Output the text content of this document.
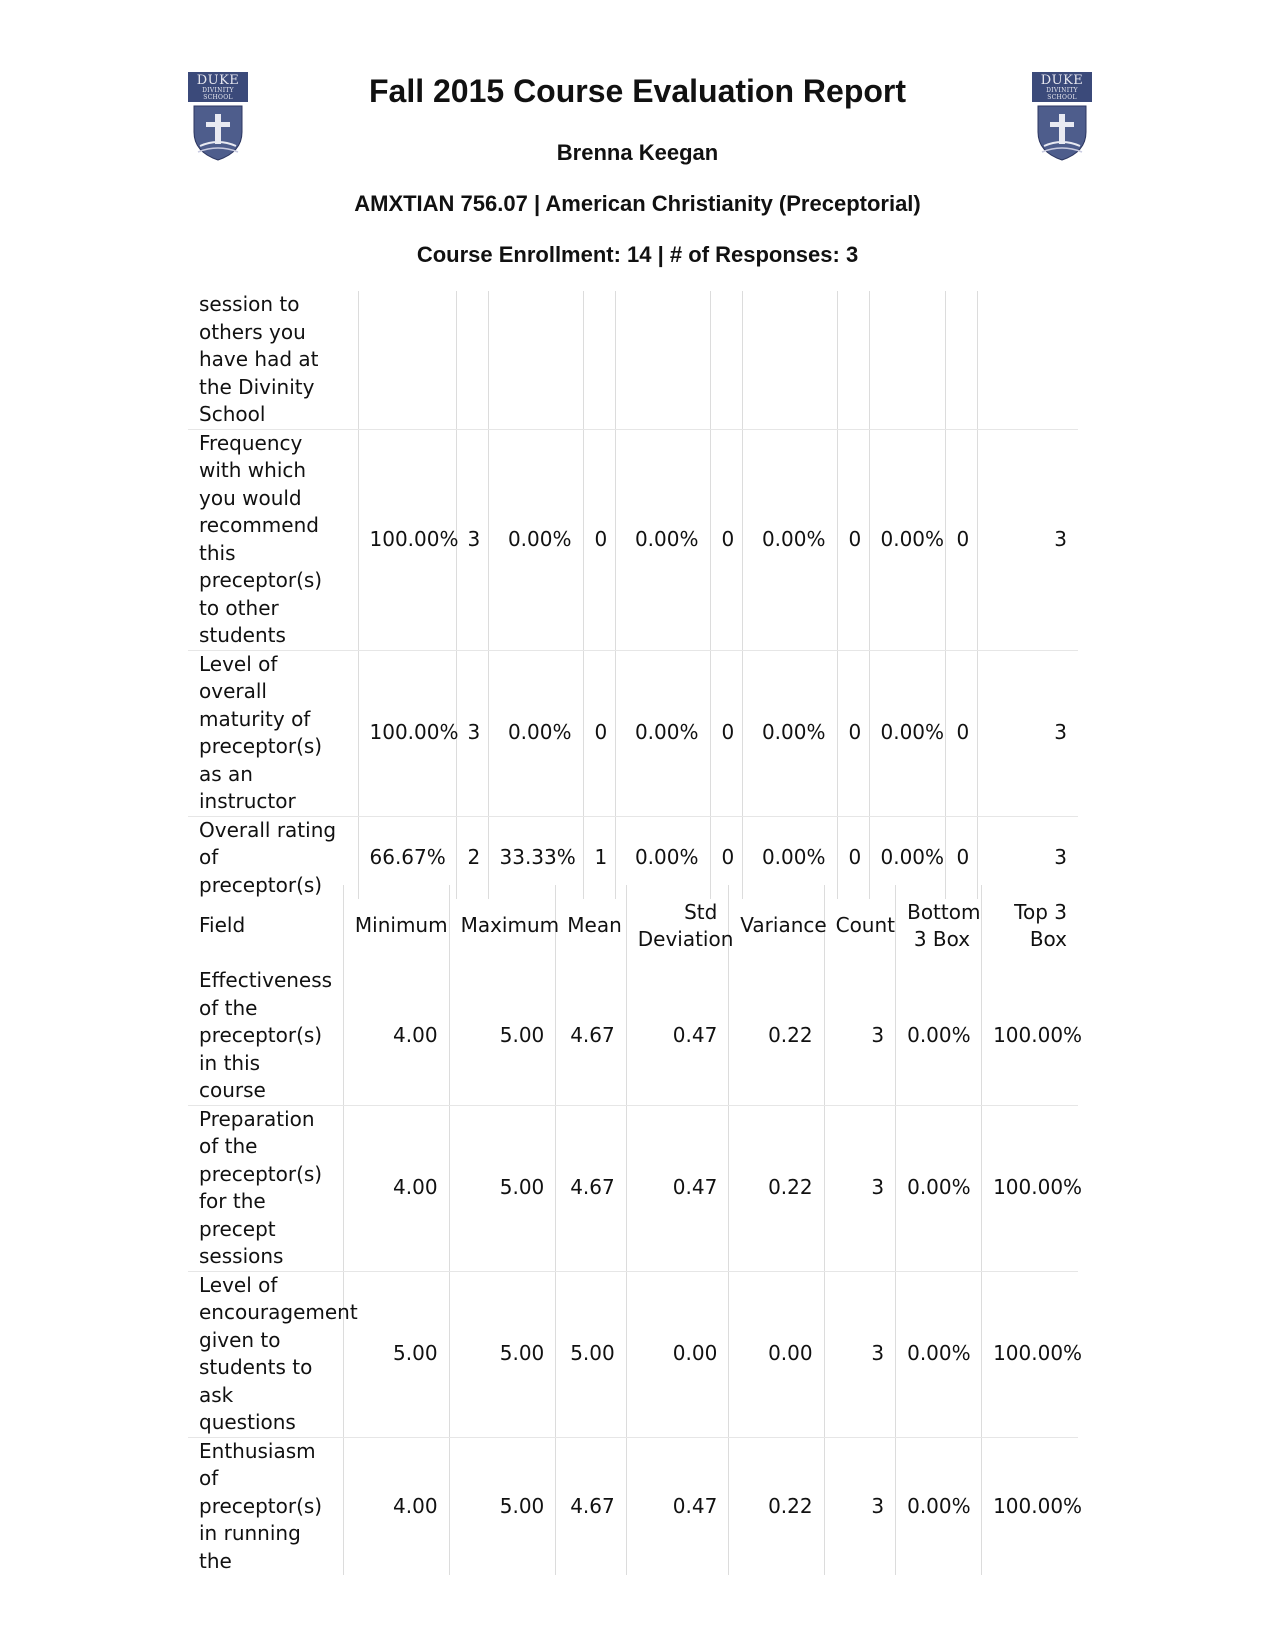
DUKE
DIVINITY
SCHOOL
DUKE
DIVINITY
SCHOOL
Fall 2015 Course Evaluation Report
Brenna Keegan
AMXTIAN 756.07 | American Christianity (Preceptorial)
Course Enrollment: 14 | # of Responses: 3
session to others you have had at the Divinity School											
Frequency with which you would recommend this preceptor(s) to other students	100.00%	3	0.00%	0	0.00%	0	0.00%	0	0.00%	0	3
Level of overall maturity of preceptor(s) as an instructor	100.00%	3	0.00%	0	0.00%	0	0.00%	0	0.00%	0	3
Overall rating of preceptor(s)	66.67%	2	33.33%	1	0.00%	0	0.00%	0	0.00%	0	3
Field	Minimum	Maximum	Mean	Std Deviation	Variance	Count	Bottom 3 Box	Top 3 Box
Effectiveness of the preceptor(s) in this course	4.00	5.00	4.67	0.47	0.22	3	0.00%	100.00%
Preparation of the preceptor(s) for the precept sessions	4.00	5.00	4.67	0.47	0.22	3	0.00%	100.00%
Level of encouragement given to students to ask questions	5.00	5.00	5.00	0.00	0.00	3	0.00%	100.00%
Enthusiasm of preceptor(s) in running the	4.00	5.00	4.67	0.47	0.22	3	0.00%	100.00%
